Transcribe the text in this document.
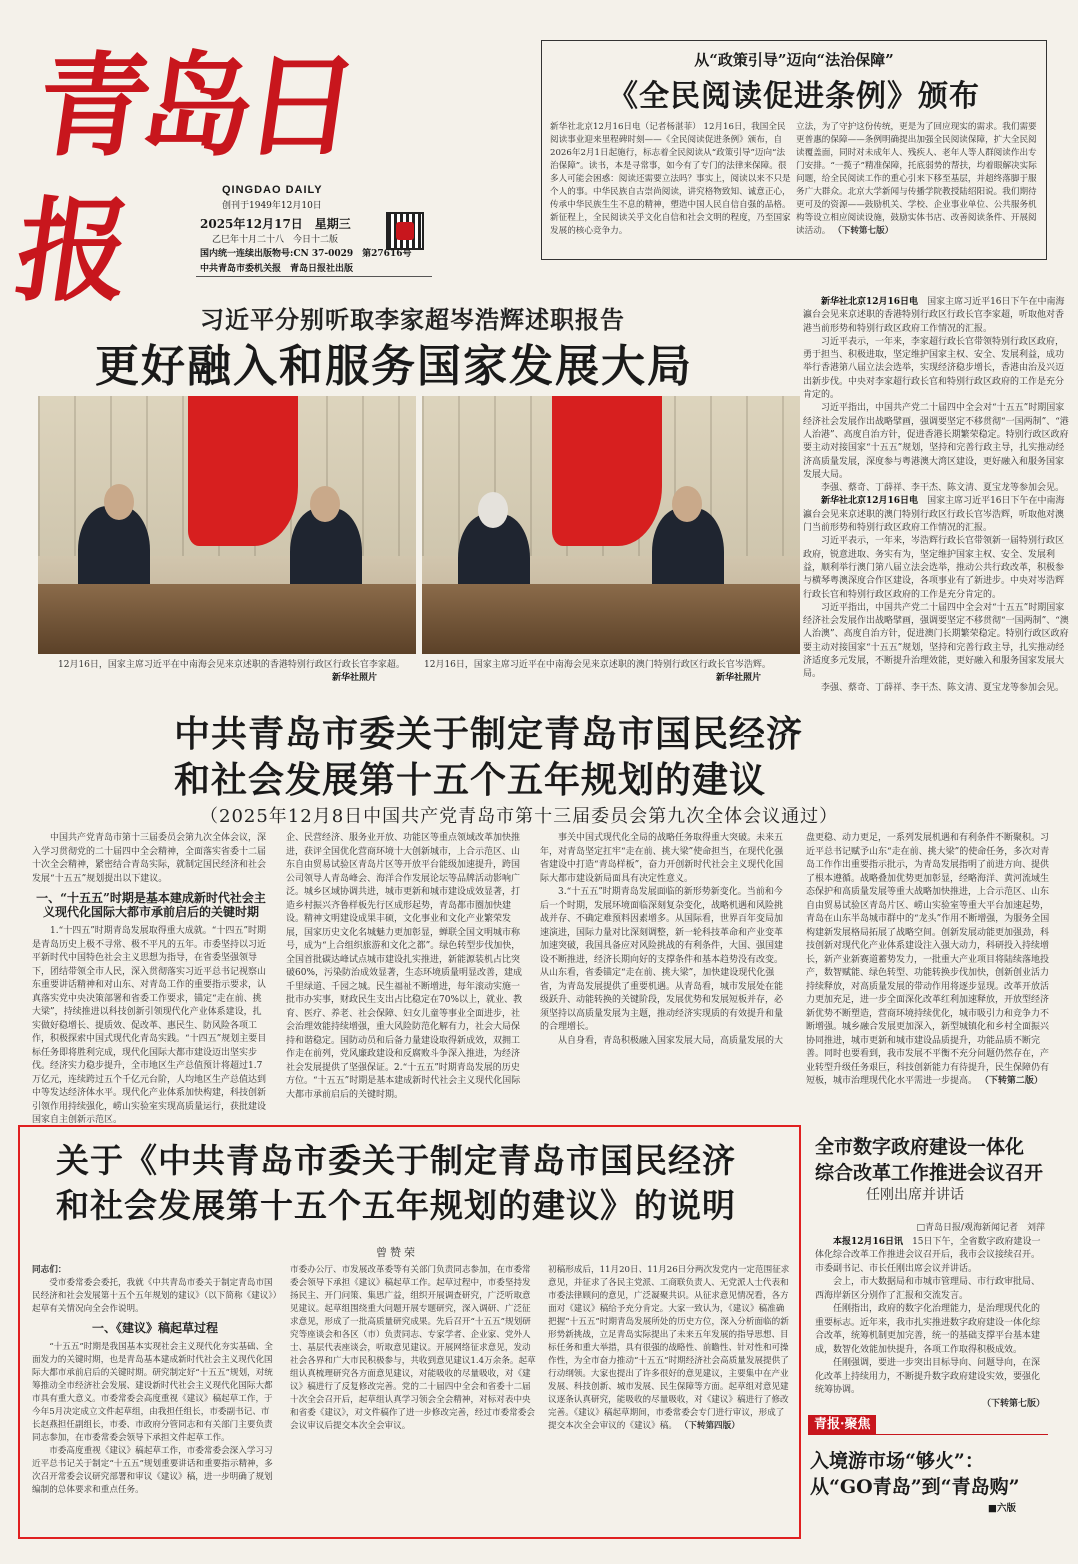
青岛日报	QINGDAO DAILY
创刊于1949年12月10日
2025年12月17日　星期三
乙巳年十月二十八　今日十二版
国内统一连续出版物号:CN 37-0029　第27616号
中共青岛市委机关报　青岛日报社出版
从“政策引导”迈向“法治保障”
《全民阅读促进条例》颁布
新华社北京12月16日电（记者杨湛菲） 12月16日，我国全民阅读事业迎来里程碑时刻——《全民阅读促进条例》颁布，自2026年2月1日起施行，标志着全民阅读从“政策引导”迈向“法治保障”。读书，本是寻常事，如今有了专门的法律来保障。很多人可能会困惑：阅读还需要立法吗？事实上，阅读以来不只是个人的事。中华民族自古崇尚阅读，讲究格物致知、诚意正心，传承中华民族生生不息的精神，塑造中国人民自信自强的品格。新征程上，全民阅读关乎文化自信和社会文明的程度，乃至国家发展的核心竞争力。
立法，为了守护这份传统，更是为了回应现实的需求。我们需要更普惠的保障——条例明确提出加强全民阅读保障，扩大全民阅读覆盖面，同时对未成年人、残疾人、老年人等人群阅读作出专门安排。“一揽子”精准保障，托底弱势的帮扶，均着眼解决实际问题，给全民阅读工作的重心引来下移至基层，并超终落脚于服务广大群众。北京大学新闻与传播学院教授陆绍阳说。我们期待更可及的资源——鼓励机关、学校、企业事业单位、公共服务机构等设立相应阅读设施，鼓励实体书店、改善阅读条件、开展阅读活动。 （下转第七版）
习近平分别听取李家超岑浩辉述职报告
更好融入和服务国家发展大局
12月16日，国家主席习近平在中南海会见来京述职的香港特别行政区行政长官李家超。
新华社照片
12月16日，国家主席习近平在中南海会见来京述职的澳门特别行政区行政长官岑浩辉。
新华社照片
新华社北京12月16日电　 国家主席习近平16日下午在中南海瀛台会见来京述职的香港特别行政区行政长官李家超，听取他对香港当前形势和特别行政区政府工作情况的汇报。
习近平表示，一年来，李家超行政长官带领特别行政区政府，勇于担当、积极进取，坚定维护国家主权、安全、发展利益，成功举行香港第八届立法会选举，实现经济稳步增长，香港由治及兴迈出新步伐。中央对李家超行政长官和特别行政区政府的工作是充分肯定的。
习近平指出，中国共产党二十届四中全会对“十五五”时期国家经济社会发展作出战略擘画，强调要坚定不移贯彻“一国两制”、“港人治港”、高度自治方针，促进香港长期繁荣稳定。特别行政区政府要主动对接国家“十五五”规划，坚持和完善行政主导，扎实推动经济高质量发展，深度参与粤港澳大湾区建设，更好融入和服务国家发展大局。
李强、蔡奇、丁薛祥、李干杰、陈文清、夏宝龙等参加会见。
新华社北京12月16日电　 国家主席习近平16日下午在中南海瀛台会见来京述职的澳门特别行政区行政长官岑浩辉，听取他对澳门当前形势和特别行政区政府工作情况的汇报。
习近平表示，一年来，岑浩辉行政长官带领新一届特别行政区政府，锐意进取、务实有为，坚定维护国家主权、安全、发展利益，顺利举行澳门第八届立法会选举，推动公共行政改革，积极参与横琴粤澳深度合作区建设，各项事业有了新进步。中央对岑浩辉行政长官和特别行政区政府的工作是充分肯定的。
习近平指出，中国共产党二十届四中全会对“十五五”时期国家经济社会发展作出战略擘画，强调要坚定不移贯彻“一国两制”、“澳人治澳”、高度自治方针，促进澳门长期繁荣稳定。特别行政区政府要主动对接国家“十五五”规划，坚持和完善行政主导，扎实推动经济适度多元发展，不断提升治理效能，更好融入和服务国家发展大局。
李强、蔡奇、丁薛祥、李干杰、陈文清、夏宝龙等参加会见。
中共青岛市委关于制定青岛市国民经济
和社会发展第十五个五年规划的建议
（2025年12月8日中国共产党青岛市第十三届委员会第九次全体会议通过）
中国共产党青岛市第十三届委员会第九次全体会议，深入学习贯彻党的二十届四中全会精神，全面落实省委十二届十次全会精神，紧密结合青岛实际，就制定国民经济和社会发展“十五五”规划提出以下建议。
一、“十五五”时期是基本建成新时代社会主义现代化国际大都市承前启后的关键时期
1.“十四五”时期青岛发展取得重大成就。“十四五”时期是青岛历史上极不寻常、极不平凡的五年。市委坚持以习近平新时代中国特色社会主义思想为指导，在省委坚强领导下，团结带领全市人民，深入贯彻落实习近平总书记视察山东重要讲话精神和对山东、对青岛工作的重要指示要求，认真落实党中央决策部署和省委工作要求，锚定“走在前、挑大梁”，持续推进以科技创新引领现代化产业体系建设，扎实做好稳增长、提质效、促改革、惠民生、防风险各项工作，积极探索中国式现代化青岛实践。“十四五”规划主要目标任务即将胜利完成，现代化国际大都市建设迈出坚实步伐。经济实力稳步提升，全市地区生产总值预计将超过1.7万亿元，连续跨过五个千亿元台阶，人均地区生产总值达到中等发达经济体水平。现代化产业体系加快构建，科技创新引领作用持续强化，崂山实验室实现高质量运行，获批建设国家自主创新示范区。
企、民营经济、服务业开放、功能区等重点领域改革加快推进，获评全国优化营商环境十大创新城市，上合示范区、山东自由贸易试验区青岛片区等开放平台能级加速提升，跨国公司领导人青岛峰会、海洋合作发展论坛等品牌活动影响广泛。城乡区域协调共进，城市更新和城市建设成效显著，打造乡村振兴齐鲁样板先行区成形起势，青岛都市圈加快建设。精神文明建设成果丰硕，文化事业和文化产业繁荣发展，国家历史文化名城魅力更加彰显，蝉联全国文明城市称号，成为“上合组织旅游和文化之都”。绿色转型步伐加快，全国首批碳达峰试点城市建设扎实推进，新能源装机占比突破60%，污染防治成效显著，生态环境质量明显改善，建成千里绿道、千园之城。民生福祉不断增进，每年滚动实施一批市办实事，财政民生支出占比稳定在70%以上，就业、教育、医疗、养老、社会保障、妇女儿童等事业全面进步，社会治理效能持续增强，重大风险防范化解有力，社会大局保持和谐稳定。国防动员和后备力量建设取得新成效，双拥工作走在前列，党风廉政建设和反腐败斗争深入推进，为经济社会发展提供了坚强保证。2.“十五五”时期青岛发展的历史方位。“十五五”时期是基本建成新时代社会主义现代化国际大都市承前启后的关键时期。
事关中国式现代化全局的战略任务取得重大突破。未来五年，对青岛坚定扛牢“走在前、挑大梁”使命担当，在现代化强省建设中打造“青岛样板”，奋力开创新时代社会主义现代化国际大都市建设新局面具有决定性意义。
3.“十五五”时期青岛发展面临的新形势新变化。当前和今后一个时期，发展环境面临深刻复杂变化，战略机遇和风险挑战并存、不确定难预料因素增多。从国际看，世界百年变局加速演进，国际力量对比深刻调整，新一轮科技革命和产业变革加速突破，我国具备应对风险挑战的有利条件，大国、强国建设不断推进，经济长期向好的支撑条件和基本趋势没有改变。从山东看，省委锚定“走在前、挑大梁”，加快建设现代化强省，为青岛发展提供了重要机遇。从青岛看，城市发展处在能级跃升、动能转换的关键阶段，发展优势和发展短板并存，必须坚持以高质量发展为主题，推动经济实现质的有效提升和量的合理增长。
从自身看，青岛积极融入国家发展大局，高质量发展的大
盘更稳、动力更足，一系列发展机遇和有利条件不断聚积。习近平总书记赋予山东“走在前、挑大梁”的使命任务，多次对青岛工作作出重要指示批示，为青岛发展指明了前进方向、提供了根本遵循。战略叠加优势更加彰显，经略海洋、黄河流域生态保护和高质量发展等重大战略加快推进，上合示范区、山东自由贸易试验区青岛片区、崂山实验室等重大平台加速起势，青岛在山东半岛城市群中的“龙头”作用不断增强，为服务全国构建新发展格局拓展了战略空间。创新发展动能更加强劲，科技创新对现代化产业体系建设注入强大动力，科研投入持续增长，新产业新赛道蓄势发力，一批重大产业项目将陆续落地投产，数智赋能、绿色转型、功能转换步伐加快，创新创业活力持续释放，对高质量发展的带动作用将逐步显现。改革开放活力更加充足，进一步全面深化改革红利加速释放，开放型经济新优势不断塑造，营商环境持续优化，城市吸引力和竞争力不断增强。城乡融合发展更加深入，新型城镇化和乡村全面振兴协同推进，城市更新和城市建设品质提升，功能品质不断完善。同时也要看到，我市发展不平衡不充分问题仍然存在，产业转型升级任务艰巨，科技创新能力有待提升，民生保障仍有短板，城市治理现代化水平需进一步提高。 （下转第二版）
关于《中共青岛市委关于制定青岛市国民经济
和社会发展第十五个五年规划的建议》的说明
曾赞荣
同志们：
受市委常委会委托，我就《中共青岛市委关于制定青岛市国民经济和社会发展第十五个五年规划的建议》（以下简称《建议》）起草有关情况向全会作说明。
一、《建议》稿起草过程
“十五五”时期是我国基本实现社会主义现代化夯实基础、全面发力的关键时期，也是青岛基本建成新时代社会主义现代化国际大都市承前启后的关键时期。研究制定好“十五五”规划，对统筹推动全市经济社会发展、建设新时代社会主义现代化国际大都市具有重大意义。市委常委会高度重视《建议》稿起草工作，于今年5月决定成立文件起草组，由我担任组长，市委副书记、市长赵燕担任副组长，市委、市政府分管同志和有关部门主要负责同志参加，在市委常委会领导下承担文件起草工作。
市委高度重视《建议》稿起草工作，市委常委会深入学习习近平总书记关于制定“十五五”规划重要讲话和重要指示精神，多次召开常委会议研究部署和审议《建议》稿，进一步明确了规划编制的总体要求和重点任务。
市委办公厅、市发展改革委等有关部门负责同志参加，在市委常委会领导下承担《建议》稿起草工作。起草过程中，市委坚持发扬民主、开门问策、集思广益，组织开展调查研究，广泛听取意见建议。起草组围绕重大问题开展专题研究，深入调研、广泛征求意见，形成了一批高质量研究成果。先后召开“十五五”规划研究等座谈会和各区（市）负责同志、专家学者、企业家、党外人士、基层代表座谈会，听取意见建议。开展网络征求意见，发动社会各界和广大市民积极参与，共收到意见建议1.4万余条。起草组认真梳理研究各方面意见建议，对能吸收的尽量吸收，对《建议》稿进行了反复修改完善。党的二十届四中全会和省委十二届十次全会召开后，起草组认真学习领会全会精神，对标对表中央和省委《建议》，对文件稿作了进一步修改完善，经过市委常委会会议审议后提交本次全会审议。
初稿形成后，11月20日、11月26日分两次发党内一定范围征求意见，并征求了各民主党派、工商联负责人、无党派人士代表和市委法律顾问的意见，广泛凝聚共识。从征求意见情况看，各方面对《建议》稿给予充分肯定。大家一致认为，《建议》稿准确把握“十五五”时期青岛发展所处的历史方位，深入分析面临的新形势新挑战，立足青岛实际提出了未来五年发展的指导思想、目标任务和重大举措，具有很强的战略性、前瞻性、针对性和可操作性，为全市奋力推动“十五五”时期经济社会高质量发展提供了行动纲领。大家也提出了许多很好的意见建议，主要集中在产业发展、科技创新、城市发展、民生保障等方面。起草组对意见建议逐条认真研究，能吸收的尽量吸收，对《建议》稿进行了修改完善。《建议》稿起草期间，市委常委会专门进行审议，形成了提交本次全会审议的《建议》稿。 （下转第四版）
全市数字政府建设一体化
综合改革工作推进会议召开
任刚出席并讲话
□青岛日报/观海新闻记者　刘萍
本报12月16日讯　 15日下午，全省数字政府建设一体化综合改革工作推进会议召开后，我市会议接续召开。市委副书记、市长任刚出席会议并讲话。
会上，市大数据局和市城市管理局、市行政审批局、西海岸新区分别作了汇报和交流发言。
任刚指出，政府的数字化治理能力，是治理现代化的重要标志。近年来，我市扎实推进数字政府建设一体化综合改革，统筹机制更加完善，统一的基础支撑平台基本建成，数智化效能加快提升，各项工作取得积极成效。
任刚强调，要进一步突出目标导向、问题导向，在深化改革上持续用力，不断提升数字政府建设实效，要强化统筹协调。
（下转第七版）
青报·聚焦
入境游市场“够火”：
从“GO青岛”到“青岛购”
■六版
